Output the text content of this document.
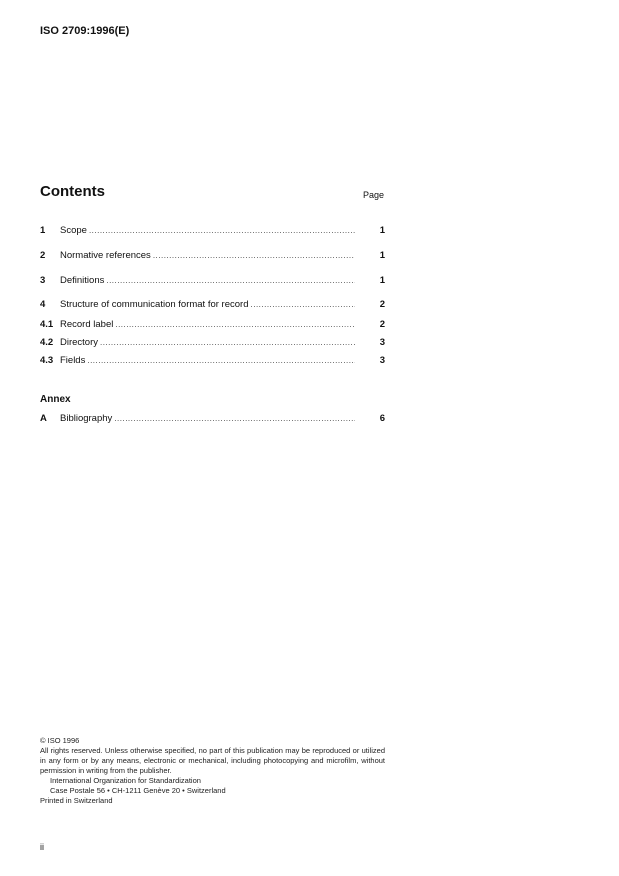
ISO 2709:1996(E)
Contents	Page
1	Scope .....	1
2	Normative references .....	1
3	Definitions .....	1
4	Structure of communication format for record .....	2
4.1 Record label .....	2
4.2 Directory .....	3
4.3 Fields .....	3
Annex
A	Bibliography .....	6
© ISO 1996
All rights reserved. Unless otherwise specified, no part of this publication may be reproduced or utilized in any form or by any means, electronic or mechanical, including photocopying and microfilm, without permission in writing from the publisher.
International Organization for Standardization
Case Postale 56 • CH-1211 Genève 20 • Switzerland
Printed in Switzerland
ii
